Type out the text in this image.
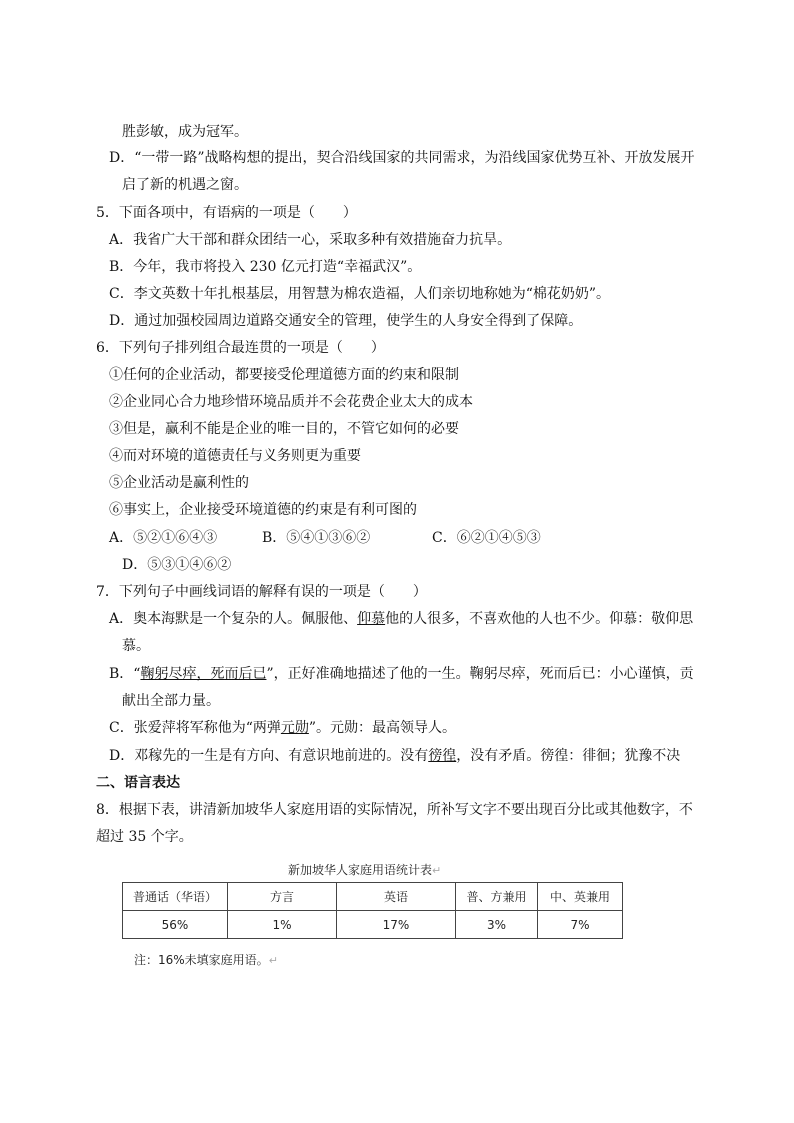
胜彭敏，成为冠军。
D．“一带一路”战略构想的提出，契合沿线国家的共同需求，为沿线国家优势互补、开放发展开
启了新的机遇之窗。
5．下面各项中，有语病的一项是（　　）
A．我省广大干部和群众团结一心，采取多种有效措施奋力抗旱。
B．今年，我市将投入 230 亿元打造“幸福武汉”。
C．李文英数十年扎根基层，用智慧为棉农造福，人们亲切地称她为“棉花奶奶”。
D．通过加强校园周边道路交通安全的管理，使学生的人身安全得到了保障。
6．下列句子排列组合最连贯的一项是（　　）
①任何的企业活动，都要接受伦理道德方面的约束和限制
②企业同心合力地珍惜环境品质并不会花费企业太大的成本
③但是，赢利不能是企业的唯一目的，不管它如何的必要
④而对环境的道德责任与义务则更为重要
⑤企业活动是赢利性的
⑥事实上，企业接受环境道德的约束是有利可图的
A．⑤②①⑥④③	B．⑤④①③⑥②	C．⑥②①④⑤③
D．⑤③①④⑥②
7．下列句子中画线词语的解释有误的一项是（　　）
A．奥本海默是一个复杂的人。佩服他、仰慕他的人很多，不喜欢他的人也不少。仰慕：敬仰思
慕。
B．“鞠躬尽瘁，死而后已”，正好准确地描述了他的一生。鞠躬尽瘁，死而后已：小心谨慎，贡
献出全部力量。
C．张爱萍将军称他为“两弹元勋”。元勋：最高领导人。
D．邓稼先的一生是有方向、有意识地前进的。没有徬徨，没有矛盾。徬徨：徘徊；犹豫不决
二、语言表达
8．根据下表，讲清新加坡华人家庭用语的实际情况，所补写文字不要出现百分比或其他数字，不
超过 35 个字。
新加坡华人家庭用语统计表↵
普通话（华语）	方言	英语	普、方兼用	中、英兼用
56%	1%	17%	3%	7%
注：16%未填家庭用语。↵
